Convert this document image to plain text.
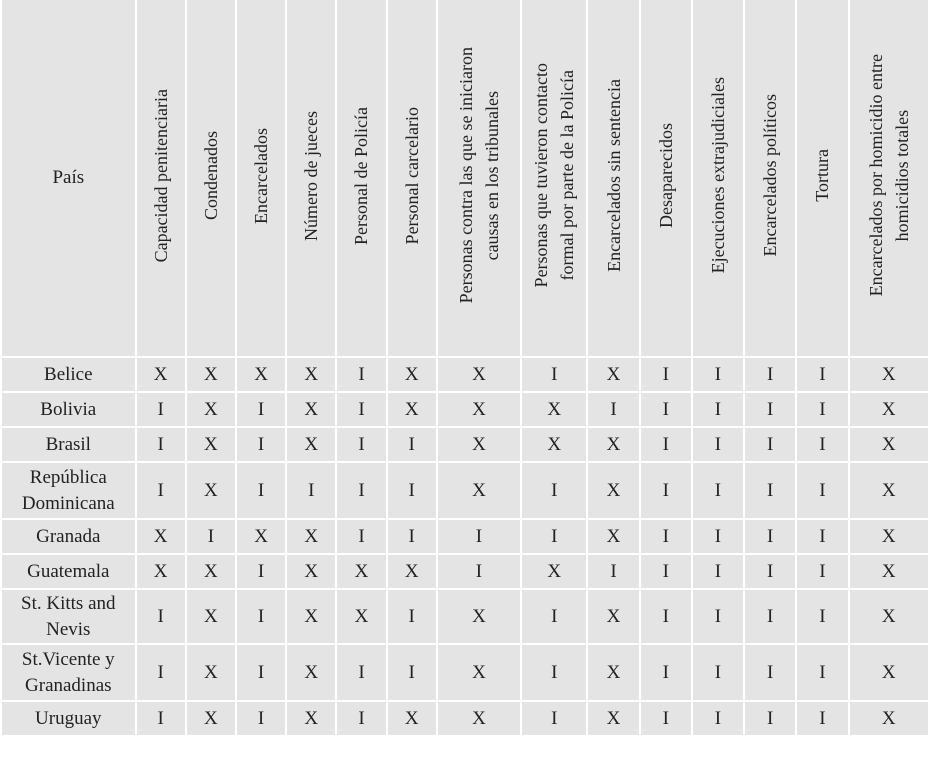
País	Capacidad penitenciaria	Condenados	Encarcelados	Número de jueces	Personal de Policía	Personal carcelario	Personas contra las que se iniciaron
causas en los tribunales	Personas que tuvieron contacto
formal por parte de la Policía	Encarcelados sin sentencia	Desaparecidos	Ejecuciones extrajudiciales	Encarcelados políticos	Tortura	Encarcelados por homicidio entre
homicidios totales
Belice	X	X	X	X	I	X	X	I	X	I	I	I	I	X
Bolivia	I	X	I	X	I	X	X	X	I	I	I	I	I	X
Brasil	I	X	I	X	I	I	X	X	X	I	I	I	I	X
República
Dominicana	I	X	I	I	I	I	X	I	X	I	I	I	I	X
Granada	X	I	X	X	I	I	I	I	X	I	I	I	I	X
Guatemala	X	X	I	X	X	X	I	X	I	I	I	I	I	X
St. Kitts and
Nevis	I	X	I	X	X	I	X	I	X	I	I	I	I	X
St.Vicente y
Granadinas	I	X	I	X	I	I	X	I	X	I	I	I	I	X
Uruguay	I	X	I	X	I	X	X	I	X	I	I	I	I	X
